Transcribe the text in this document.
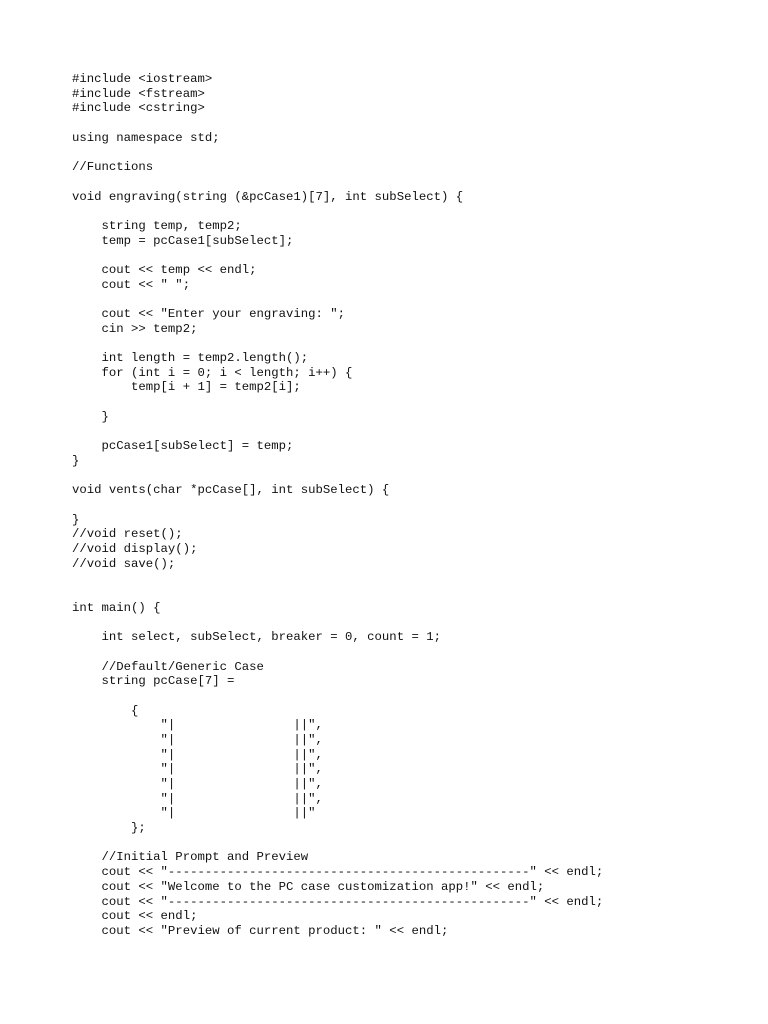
#include <iostream>
#include <fstream>
#include <cstring>
using namespace std;
//Functions
void engraving(string (&pcCase1)[7], int subSelect) {
string temp, temp2;
temp = pcCase1[subSelect];
cout << temp << endl;
cout << " ";
cout << "Enter your engraving: ";
cin >> temp2;
int length = temp2.length();
for (int i = 0; i < length; i++) {
temp[i + 1] = temp2[i];
}
pcCase1[subSelect] = temp;
}
void vents(char *pcCase[], int subSelect) {
}
//void reset();
//void display();
//void save();
int main() {
int select, subSelect, breaker = 0, count = 1;
//Default/Generic Case
string pcCase[7] =
{
"|                ||",
"|                ||",
"|                ||",
"|                ||",
"|                ||",
"|                ||",
"|                ||"
};
//Initial Prompt and Preview
cout << "-------------------------------------------------" << endl;
cout << "Welcome to the PC case customization app!" << endl;
cout << "-------------------------------------------------" << endl;
cout << endl;
cout << "Preview of current product: " << endl;
